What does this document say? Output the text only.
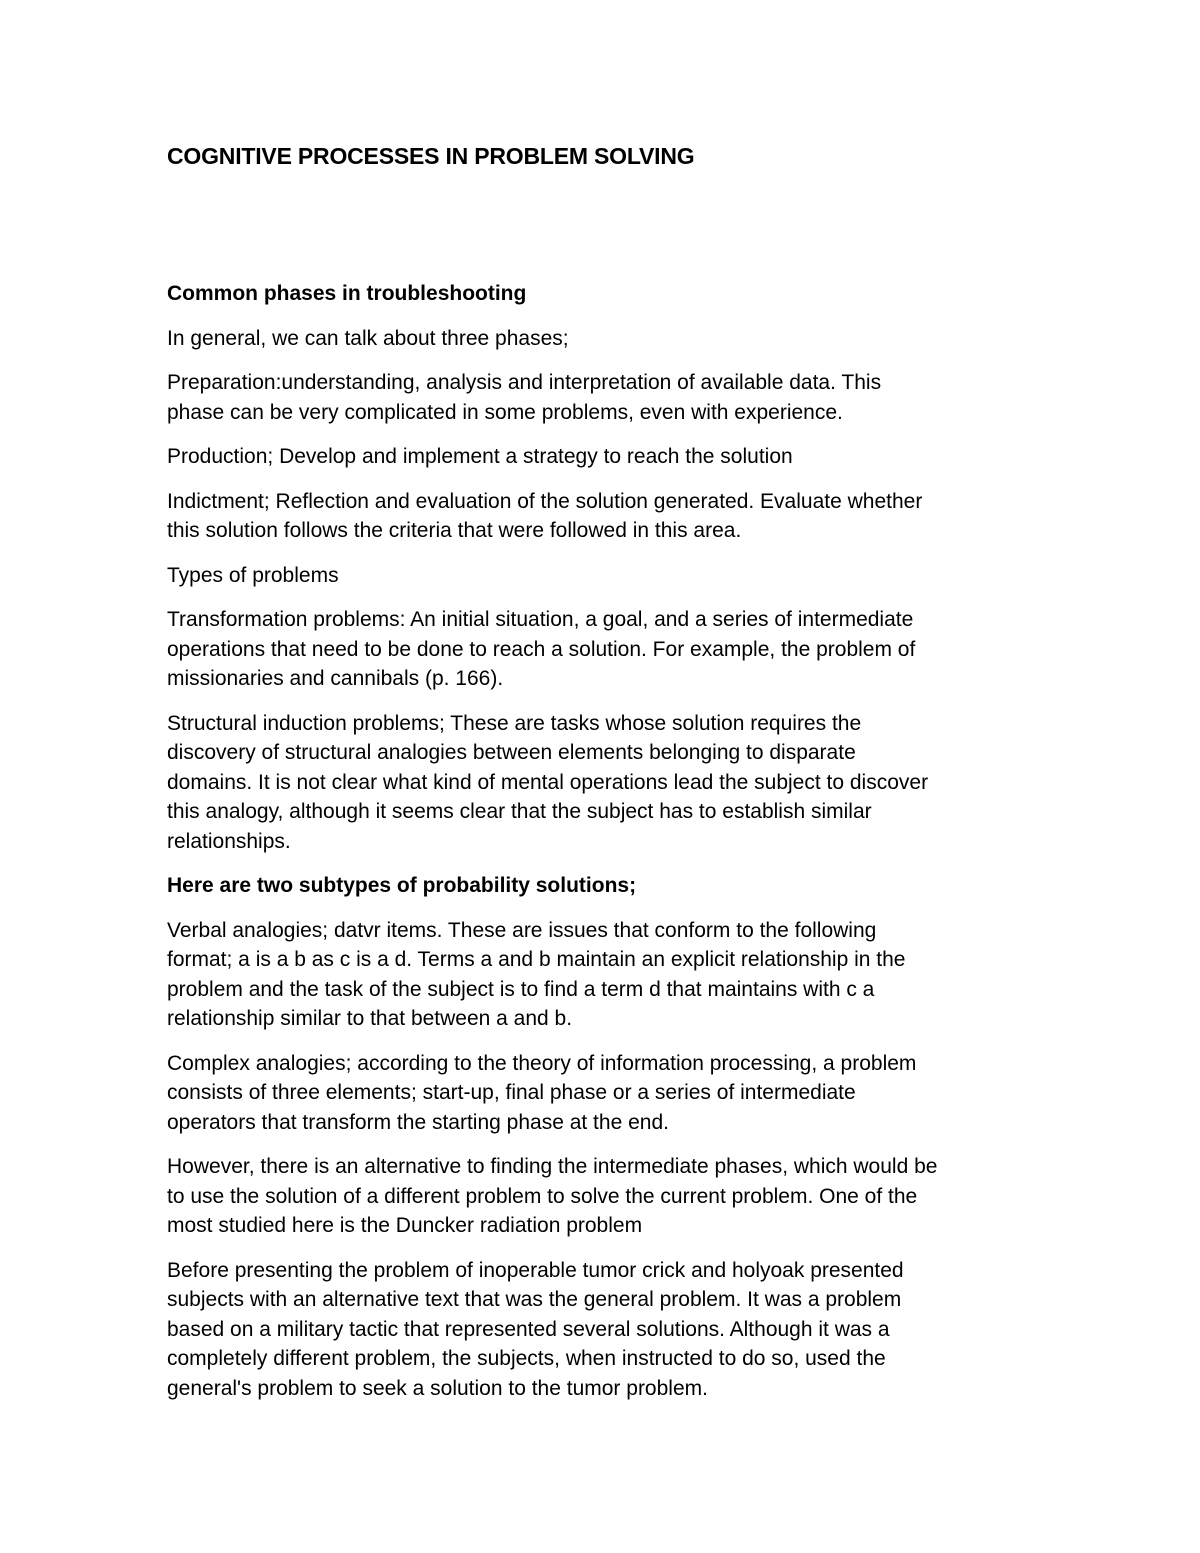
COGNITIVE PROCESSES IN PROBLEM SOLVING
Common phases in troubleshooting

In general, we can talk about three phases;

Preparation:understanding, analysis and interpretation of available data. This
phase can be very complicated in some problems, even with experience.

Production; Develop and implement a strategy to reach the solution

Indictment; Reflection and evaluation of the solution generated. Evaluate whether
this solution follows the criteria that were followed in this area.

Types of problems

Transformation problems: An initial situation, a goal, and a series of intermediate
operations that need to be done to reach a solution. For example, the problem of
missionaries and cannibals (p. 166).

Structural induction problems; These are tasks whose solution requires the
discovery of structural analogies between elements belonging to disparate
domains. It is not clear what kind of mental operations lead the subject to discover
this analogy, although it seems clear that the subject has to establish similar
relationships.

Here are two subtypes of probability solutions;

Verbal analogies; datvr items. These are issues that conform to the following
format; a is a b as c is a d. Terms a and b maintain an explicit relationship in the
problem and the task of the subject is to find a term d that maintains with c a
relationship similar to that between a and b.

Complex analogies; according to the theory of information processing, a problem
consists of three elements; start-up, final phase or a series of intermediate
operators that transform the starting phase at the end.

However, there is an alternative to finding the intermediate phases, which would be
to use the solution of a different problem to solve the current problem. One of the
most studied here is the Duncker radiation problem

Before presenting the problem of inoperable tumor crick and holyoak presented
subjects with an alternative text that was the general problem. It was a problem
based on a military tactic that represented several solutions. Although it was a
completely different problem, the subjects, when instructed to do so, used the
general's problem to seek a solution to the tumor problem.
